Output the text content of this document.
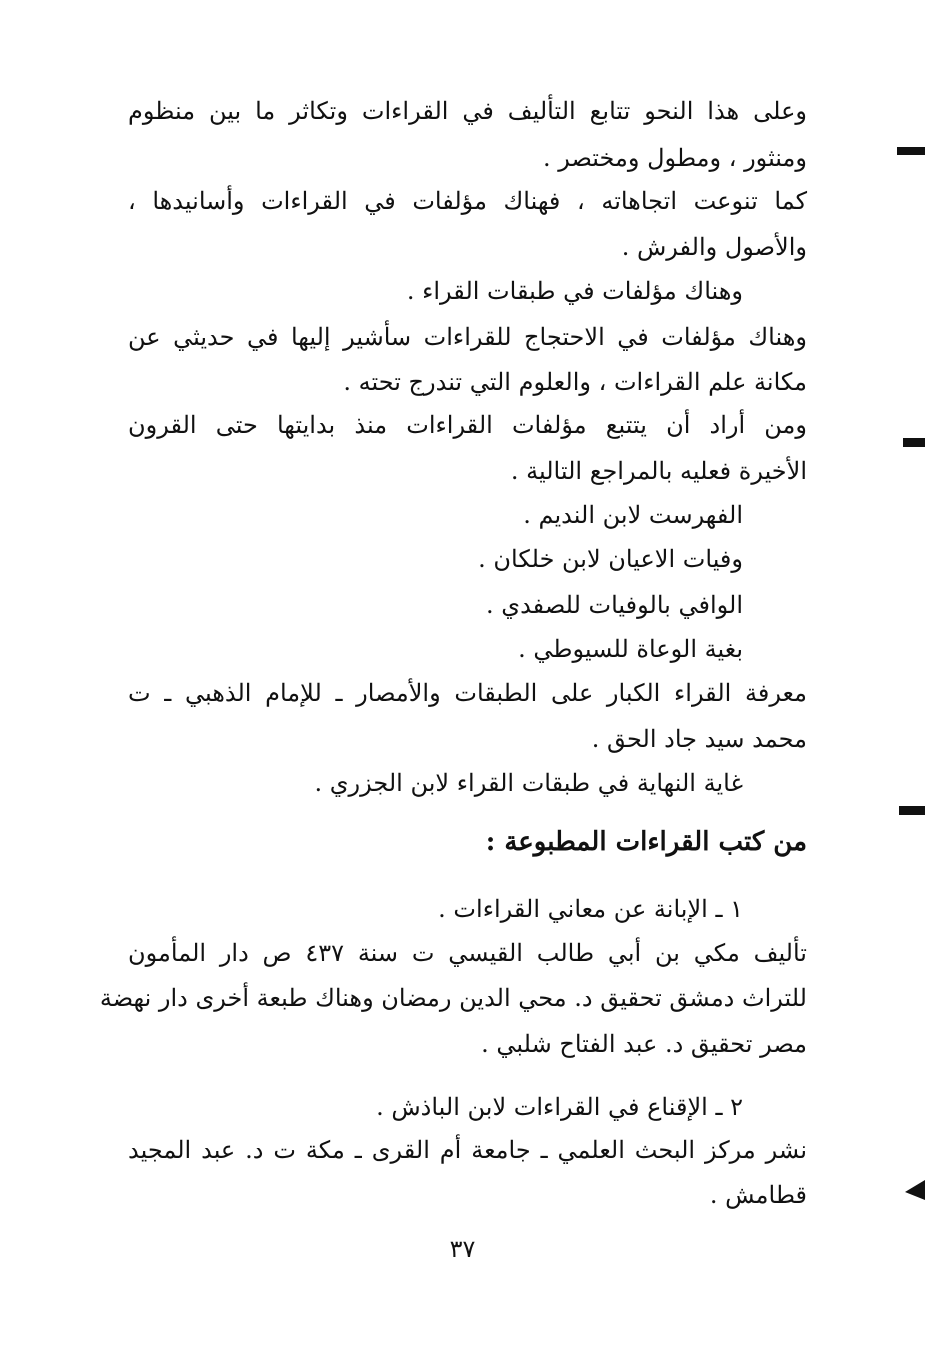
وعلى هذا النحو تتابع التأليف في القراءات وتكاثر ما بين منظوم
ومنثور ، ومطول ومختصر .
كما تنوعت اتجاهاته ، فهناك مؤلفات في القراءات وأسانيدها ،
والأصول والفرش .
وهناك مؤلفات في طبقات القراء .
وهناك مؤلفات في الاحتجاج للقراءات سأشير إليها في حديثي عن
مكانة علم القراءات ، والعلوم التي تندرج تحته .
ومن أراد أن يتتبع مؤلفات القراءات منذ بدايتها حتى القرون
الأخيرة فعليه بالمراجع التالية .
الفهرست لابن النديم .
وفيات الاعيان لابن خلكان .
الوافي بالوفيات للصفدي .
بغية الوعاة للسيوطي .
معرفة القراء الكبار على الطبقات والأمصار ـ للإمام الذهبي ـ ت
محمد سيد جاد الحق .
غاية النهاية في طبقات القراء لابن الجزري .
من كتب القراءات المطبوعة :
١ ـ الإبانة عن معاني القراءات .
تأليف مكي بن أبي طالب القيسي ت سنة ٤٣٧ ص دار المأمون
للتراث دمشق تحقيق د. محي الدين رمضان وهناك طبعة أخرى دار نهضة
مصر تحقيق د. عبد الفتاح شلبي .
٢ ـ الإقناع في القراءات لابن الباذش .
نشر مركز البحث العلمي ـ جامعة أم القرى ـ مكة ت د. عبد المجيد
قطامش .
٣٧
